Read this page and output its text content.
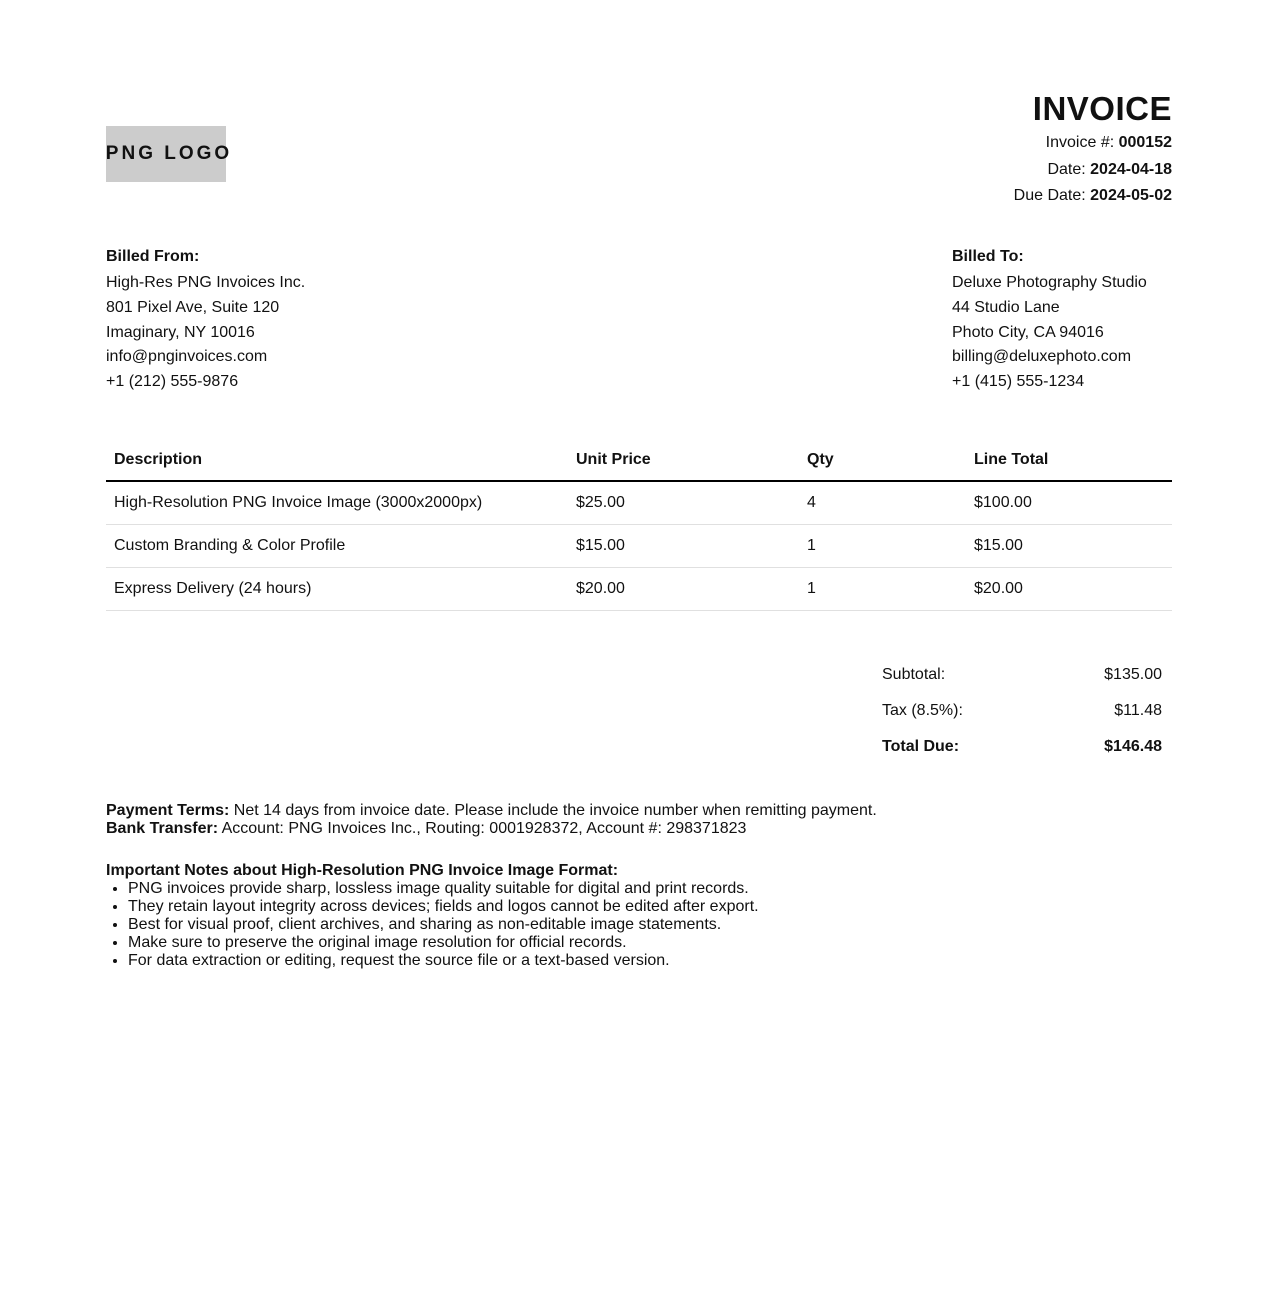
PNG LOGO
INVOICE
Invoice #: 000152
Date: 2024-04-18
Due Date: 2024-05-02
Billed From:
High-Res PNG Invoices Inc.
801 Pixel Ave, Suite 120
Imaginary, NY 10016
info@pnginvoices.com
+1 (212) 555-9876
Billed To:
Deluxe Photography Studio
44 Studio Lane
Photo City, CA 94016
billing@deluxephoto.com
+1 (415) 555-1234
Description	Unit Price	Qty	Line Total
High-Resolution PNG Invoice Image (3000x2000px)	$25.00	4	$100.00
Custom Branding & Color Profile	$15.00	1	$15.00
Express Delivery (24 hours)	$20.00	1	$20.00
Subtotal:	$135.00
Tax (8.5%):	$11.48
Total Due:	$146.48
Payment Terms: Net 14 days from invoice date. Please include the invoice number when remitting payment.
Bank Transfer: Account: PNG Invoices Inc., Routing: 0001928372, Account #: 298371823
Important Notes about High-Resolution PNG Invoice Image Format:
• PNG invoices provide sharp, lossless image quality suitable for digital and print records.
• They retain layout integrity across devices; fields and logos cannot be edited after export.
• Best for visual proof, client archives, and sharing as non-editable image statements.
• Make sure to preserve the original image resolution for official records.
• For data extraction or editing, request the source file or a text-based version.
